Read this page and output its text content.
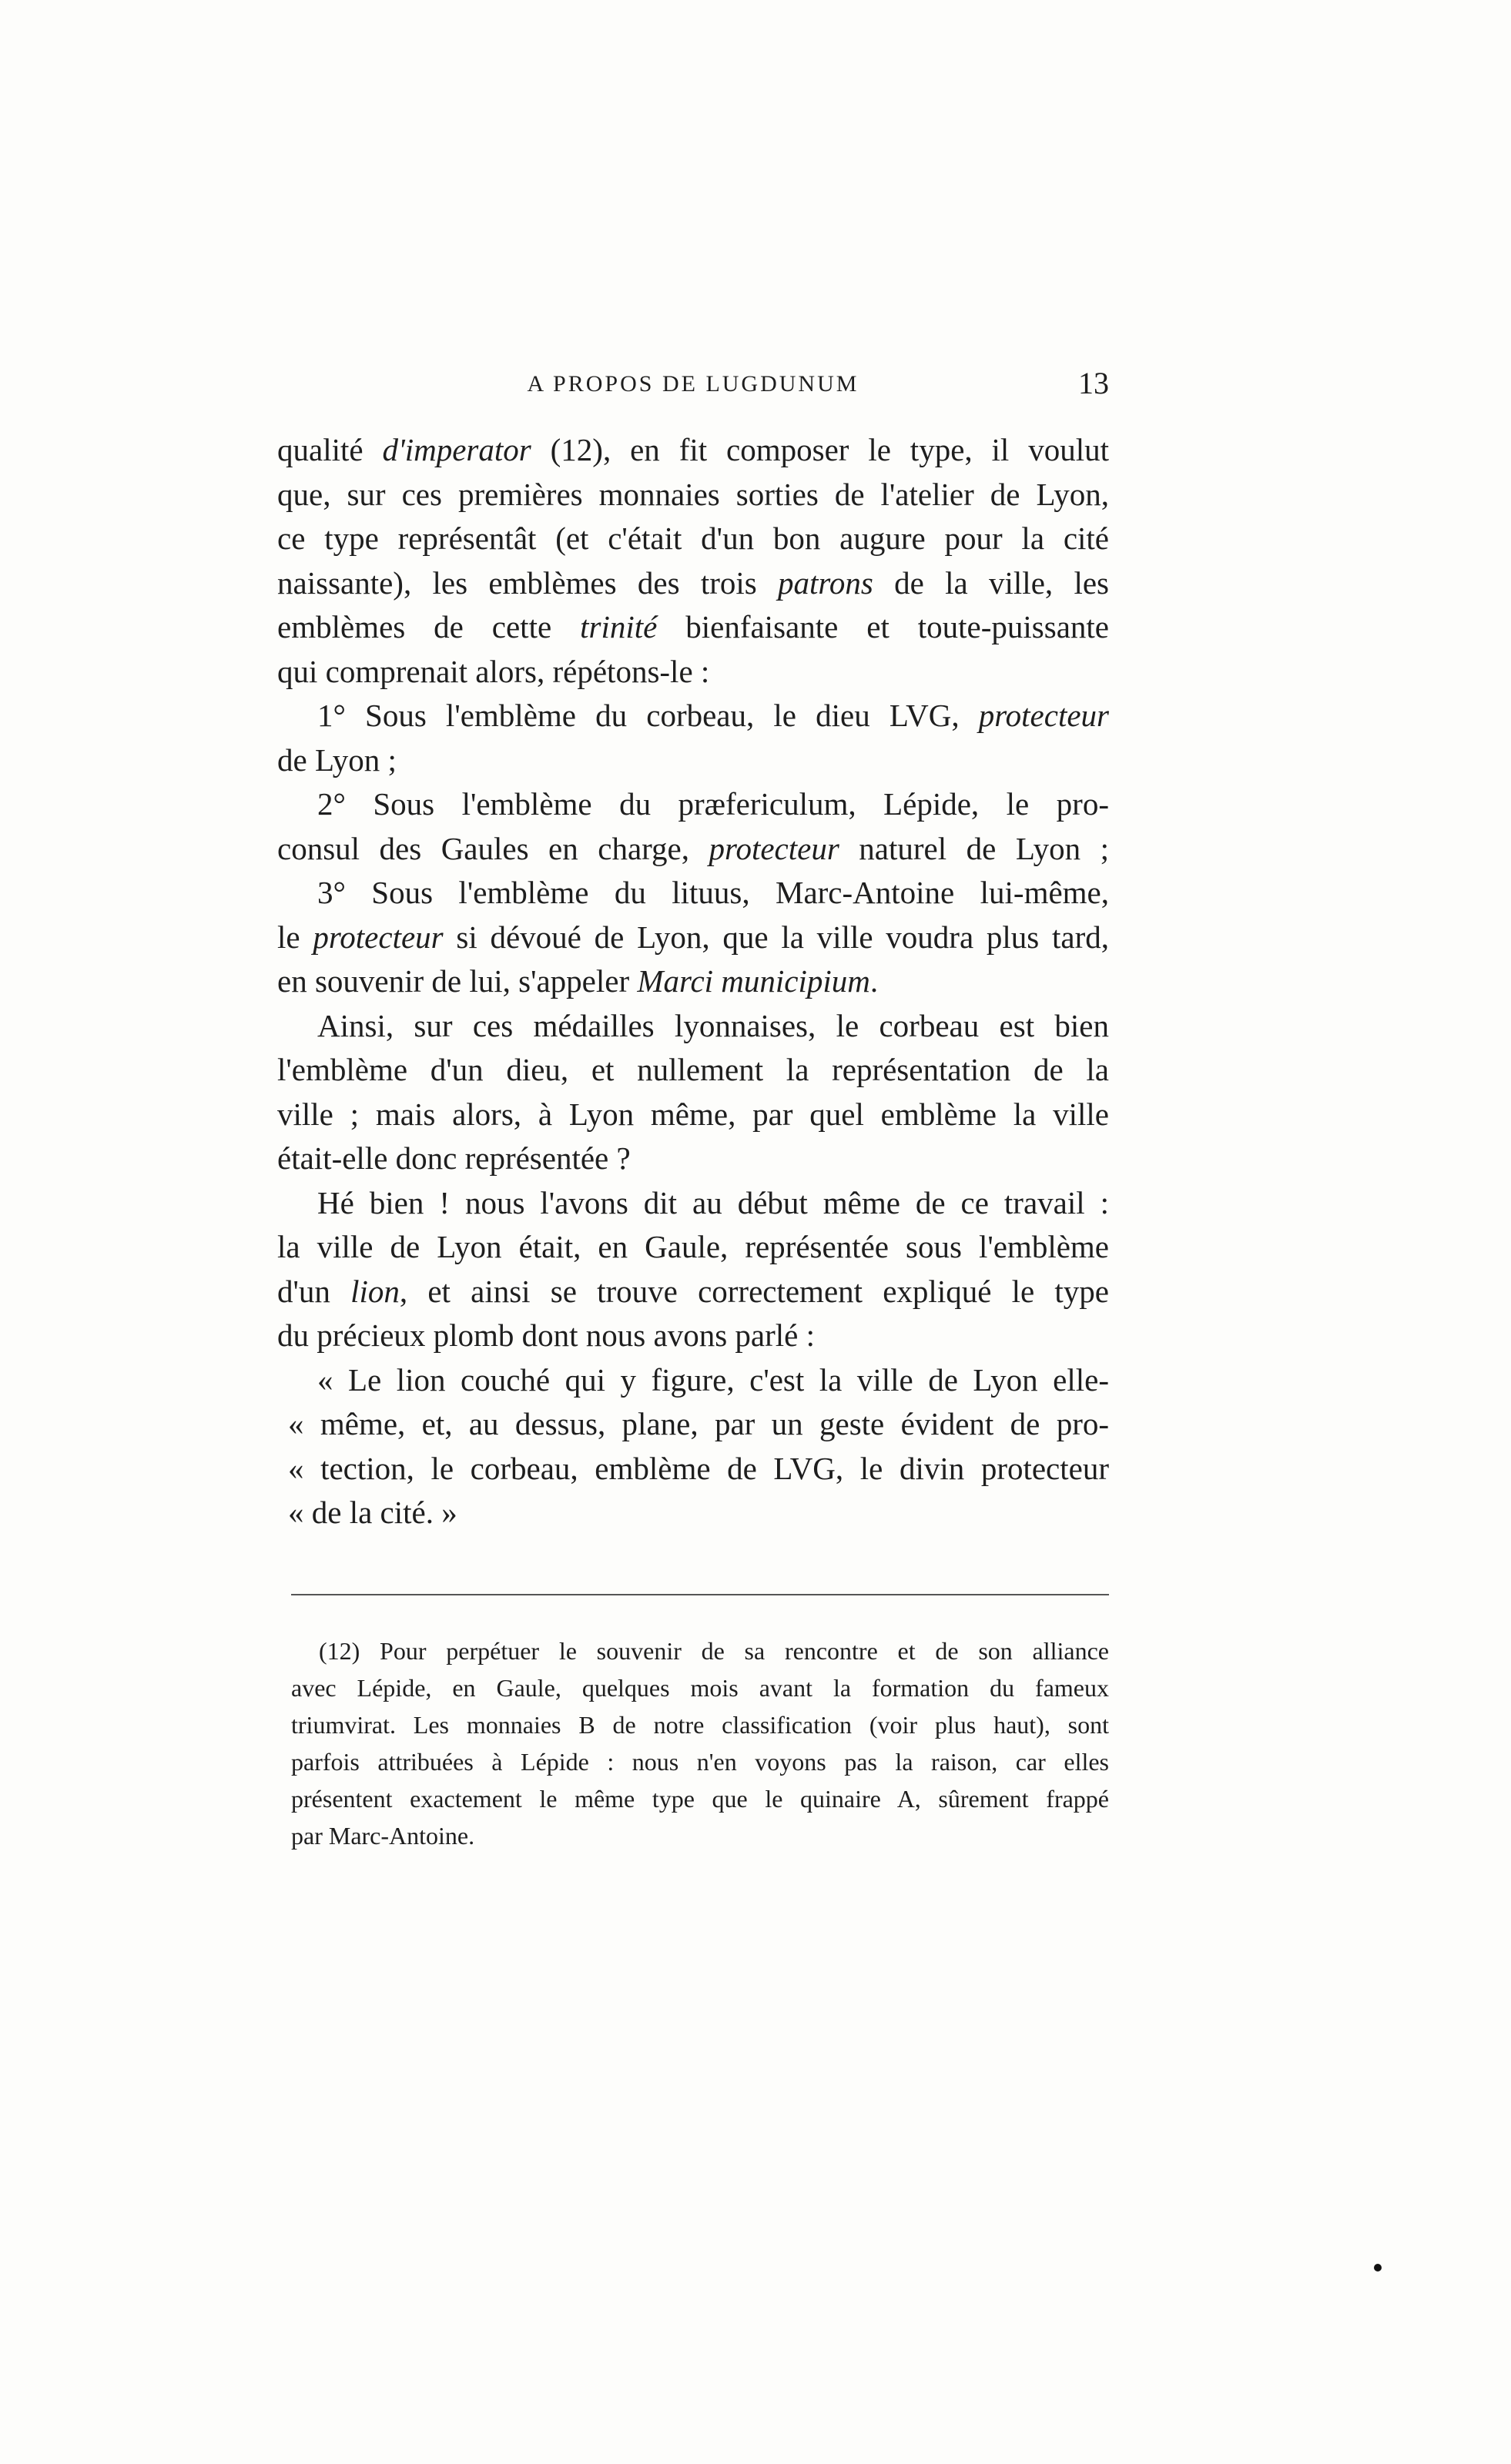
A PROPOS DE LUGDUNUM	13
qualité d'imperator (12), en fit composer le type, il voulut
que, sur ces premières monnaies sorties de l'atelier de Lyon,
ce type représentât (et c'était d'un bon augure pour la cité
naissante), les emblèmes des trois patrons de la ville, les
emblèmes de cette trinité bienfaisante et toute-puissante
qui comprenait alors, répétons-le :
1° Sous l'emblème du corbeau, le dieu LVG, protecteur
de Lyon ;
2° Sous l'emblème du præfericulum, Lépide, le pro-
consul des Gaules en charge, protecteur naturel de Lyon ;
3° Sous l'emblème du lituus, Marc-Antoine lui-même,
le protecteur si dévoué de Lyon, que la ville voudra plus tard,
en souvenir de lui, s'appeler Marci municipium.
Ainsi, sur ces médailles lyonnaises, le corbeau est bien
l'emblème d'un dieu, et nullement la représentation de la
ville ; mais alors, à Lyon même, par quel emblème la ville
était-elle donc représentée ?
Hé bien ! nous l'avons dit au début même de ce travail :
la ville de Lyon était, en Gaule, représentée sous l'emblème
d'un lion, et ainsi se trouve correctement expliqué le type
du précieux plomb dont nous avons parlé :
« Le lion couché qui y figure, c'est la ville de Lyon elle-
« même, et, au dessus, plane, par un geste évident de pro-
« tection, le corbeau, emblème de LVG, le divin protecteur
« de la cité. »
(12) Pour perpétuer le souvenir de sa rencontre et de son alliance
avec Lépide, en Gaule, quelques mois avant la formation du fameux
triumvirat. Les monnaies B de notre classification (voir plus haut), sont
parfois attribuées à Lépide : nous n'en voyons pas la raison, car elles
présentent exactement le même type que le quinaire A, sûrement frappé
par Marc-Antoine.
